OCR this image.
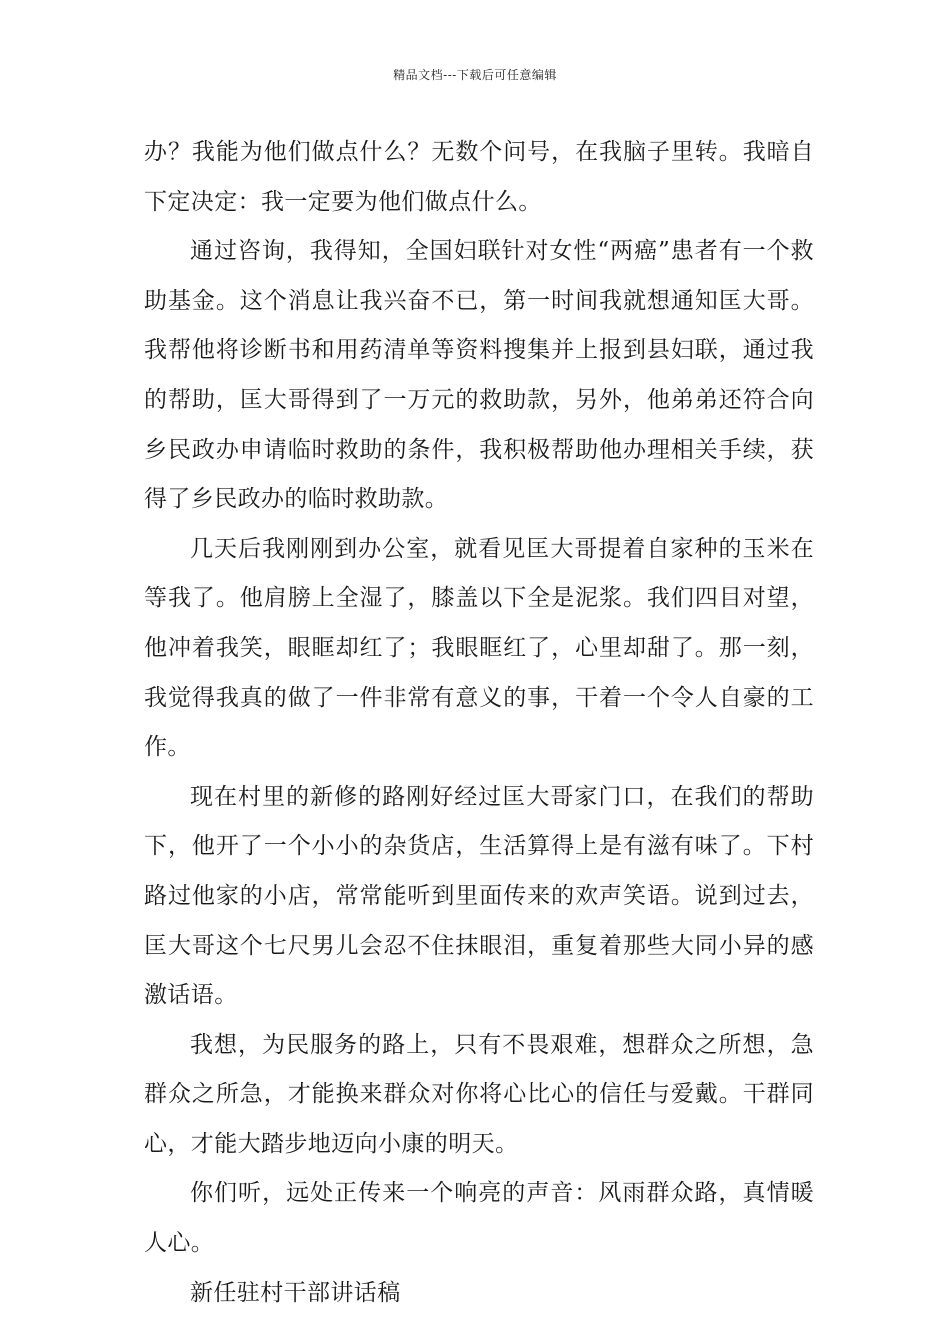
精品文档---下载后可任意编辑

办？我能为他们做点什么？无数个问号，在我脑子里转。我暗自下定决定：我一定要为他们做点什么。

通过咨询，我得知，全国妇联针对女性“两癌”患者有一个救助基金。这个消息让我兴奋不已，第一时间我就想通知匡大哥。我帮他将诊断书和用药清单等资料搜集并上报到县妇联，通过我的帮助，匡大哥得到了一万元的救助款，另外，他弟弟还符合向乡民政办申请临时救助的条件，我积极帮助他办理相关手续，获得了乡民政办的临时救助款。

几天后我刚刚到办公室，就看见匡大哥提着自家种的玉米在等我了。他肩膀上全湿了，膝盖以下全是泥浆。我们四目对望，他冲着我笑，眼眶却红了；我眼眶红了，心里却甜了。那一刻，我觉得我真的做了一件非常有意义的事，干着一个令人自豪的工作。

现在村里的新修的路刚好经过匡大哥家门口，在我们的帮助下，他开了一个小小的杂货店，生活算得上是有滋有味了。下村路过他家的小店，常常能听到里面传来的欢声笑语。说到过去，匡大哥这个七尺男儿会忍不住抹眼泪，重复着那些大同小异的感激话语。

我想，为民服务的路上，只有不畏艰难，想群众之所想，急群众之所急，才能换来群众对你将心比心的信任与爱戴。干群同心，才能大踏步地迈向小康的明天。

你们听，远处正传来一个响亮的声音：风雨群众路，真情暖人心。

新任驻村干部讲话稿
